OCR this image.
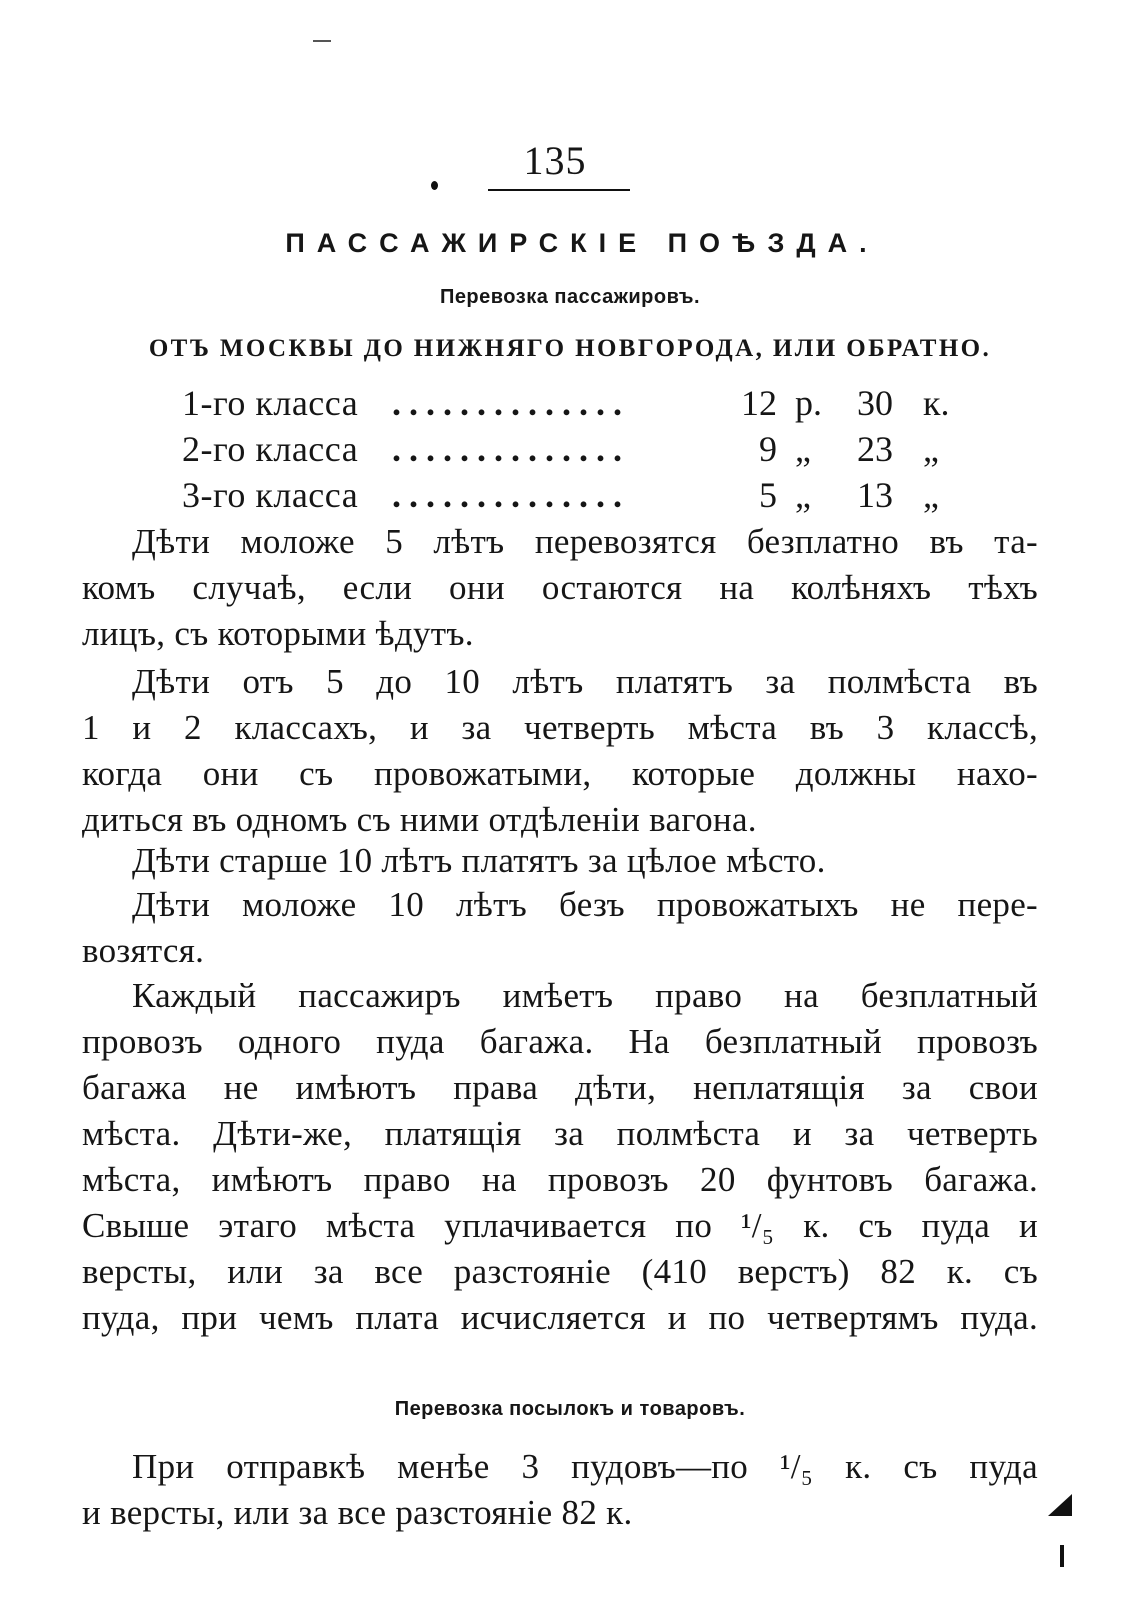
135
ПАССАЖИРСКІЕ ПОѢЗДА.
Перевозка пассажировъ.
ОТЪ МОСКВЫ ДО НИЖНЯГО НОВГОРОДА, ИЛИ ОБРАТНО.
1-го класса ..............	12 р. 30 к.
2-го класса ..............	9 „	23 „
3-го класса ..............	5 „	13 „
Дѣти моложе 5 лѣтъ перевозятся безплатно въ та-
комъ случаѣ, если они остаются на колѣняхъ тѣхъ
лицъ, съ которыми ѣдутъ.
Дѣти отъ 5 до 10 лѣтъ платятъ за полмѣста въ
1 и 2 классахъ, и за четверть мѣста въ 3 классѣ,
когда они съ провожатыми, которые должны нахо-
диться въ одномъ съ ними отдѣленіи вагона.
Дѣти старше 10 лѣтъ платятъ за цѣлое мѣсто.
Дѣти моложе 10 лѣтъ безъ провожатыхъ не пере-
возятся.
Каждый пассажиръ имѣетъ право на безплатный
провозъ одного пуда багажа. На безплатный провозъ
багажа не имѣютъ права дѣти, неплатящія за свои
мѣста. Дѣти-же, платящія за полмѣста и за четверть
мѣста, имѣютъ право на провозъ 20 фунтовъ багажа.
Свыше этаго мѣста уплачивается по ¹/₅ к. съ пуда и
версты, или за все разстояніе (410 верстъ) 82 к. съ
пуда, при чемъ плата исчисляется и по четвертямъ пуда.
Перевозка посылокъ и товаровъ.
При отправкѣ менѣе 3 пудовъ—по ¹/₅ к. съ пуда
и версты, или за все разстояніе 82 к.
